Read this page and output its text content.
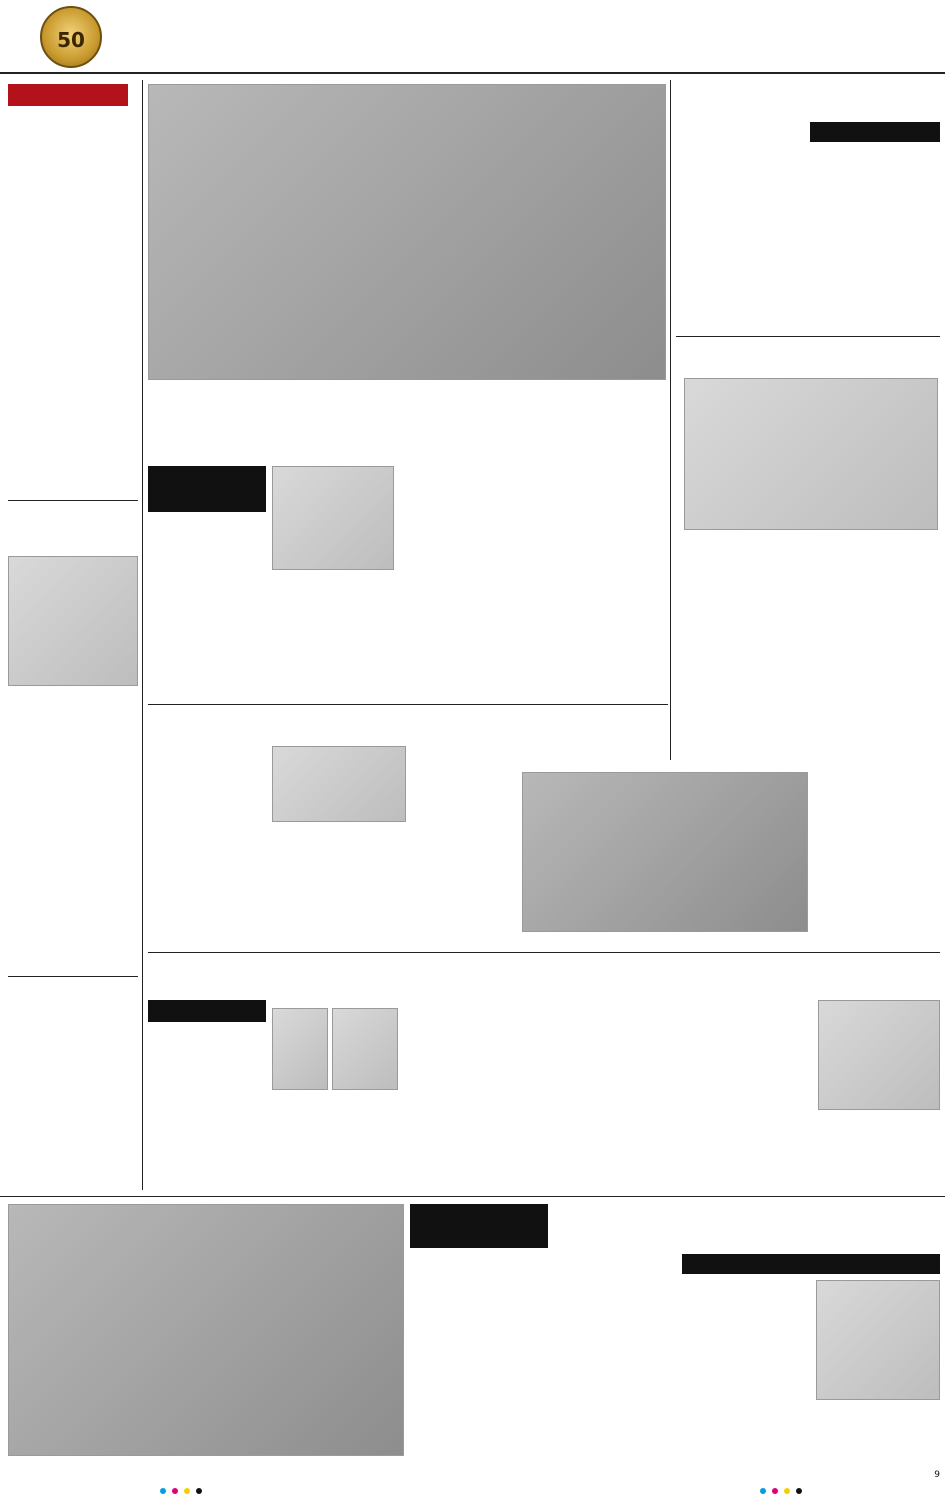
50
9
